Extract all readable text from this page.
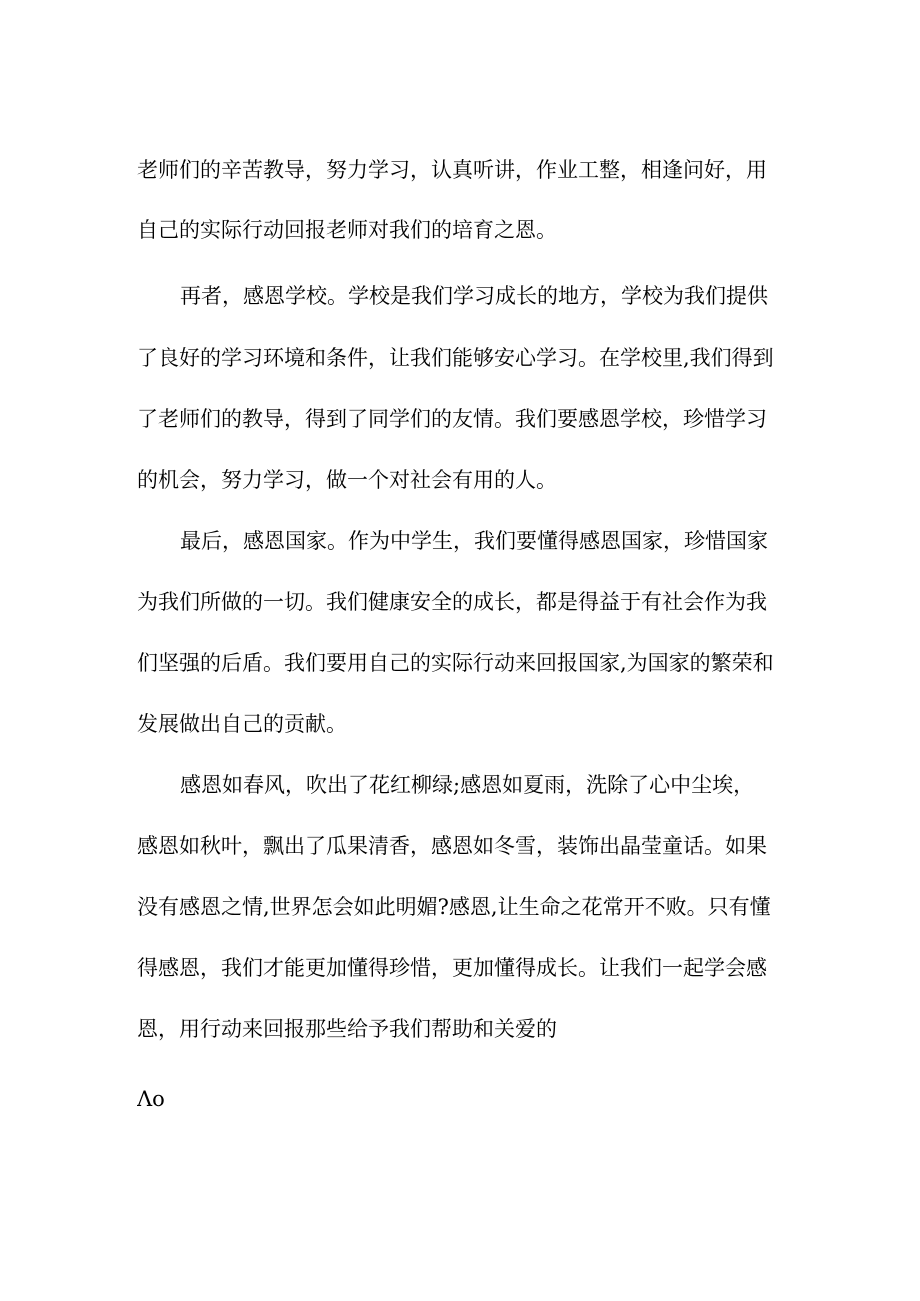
老师们的辛苦教导，努力学习，认真听讲，作业工整，相逢问好，用
自己的实际行动回报老师对我们的培育之恩。
再者，感恩学校。学校是我们学习成长的地方，学校为我们提供
了良好的学习环境和条件，让我们能够安心学习。在学校里,我们得到
了老师们的教导，得到了同学们的友情。我们要感恩学校，珍惜学习
的机会，努力学习，做一个对社会有用的人。
最后，感恩国家。作为中学生，我们要懂得感恩国家，珍惜国家
为我们所做的一切。我们健康安全的成长，都是得益于有社会作为我
们坚强的后盾。我们要用自己的实际行动来回报国家,为国家的繁荣和
发展做出自己的贡献。
感恩如春风，吹出了花红柳绿;感恩如夏雨，洗除了心中尘埃，
感恩如秋叶，飘出了瓜果清香，感恩如冬雪，装饰出晶莹童话。如果
没有感恩之情,世界怎会如此明媚?感恩,让生命之花常开不败。只有懂
得感恩，我们才能更加懂得珍惜，更加懂得成长。让我们一起学会感
恩，用行动来回报那些给予我们帮助和关爱的
Λo
